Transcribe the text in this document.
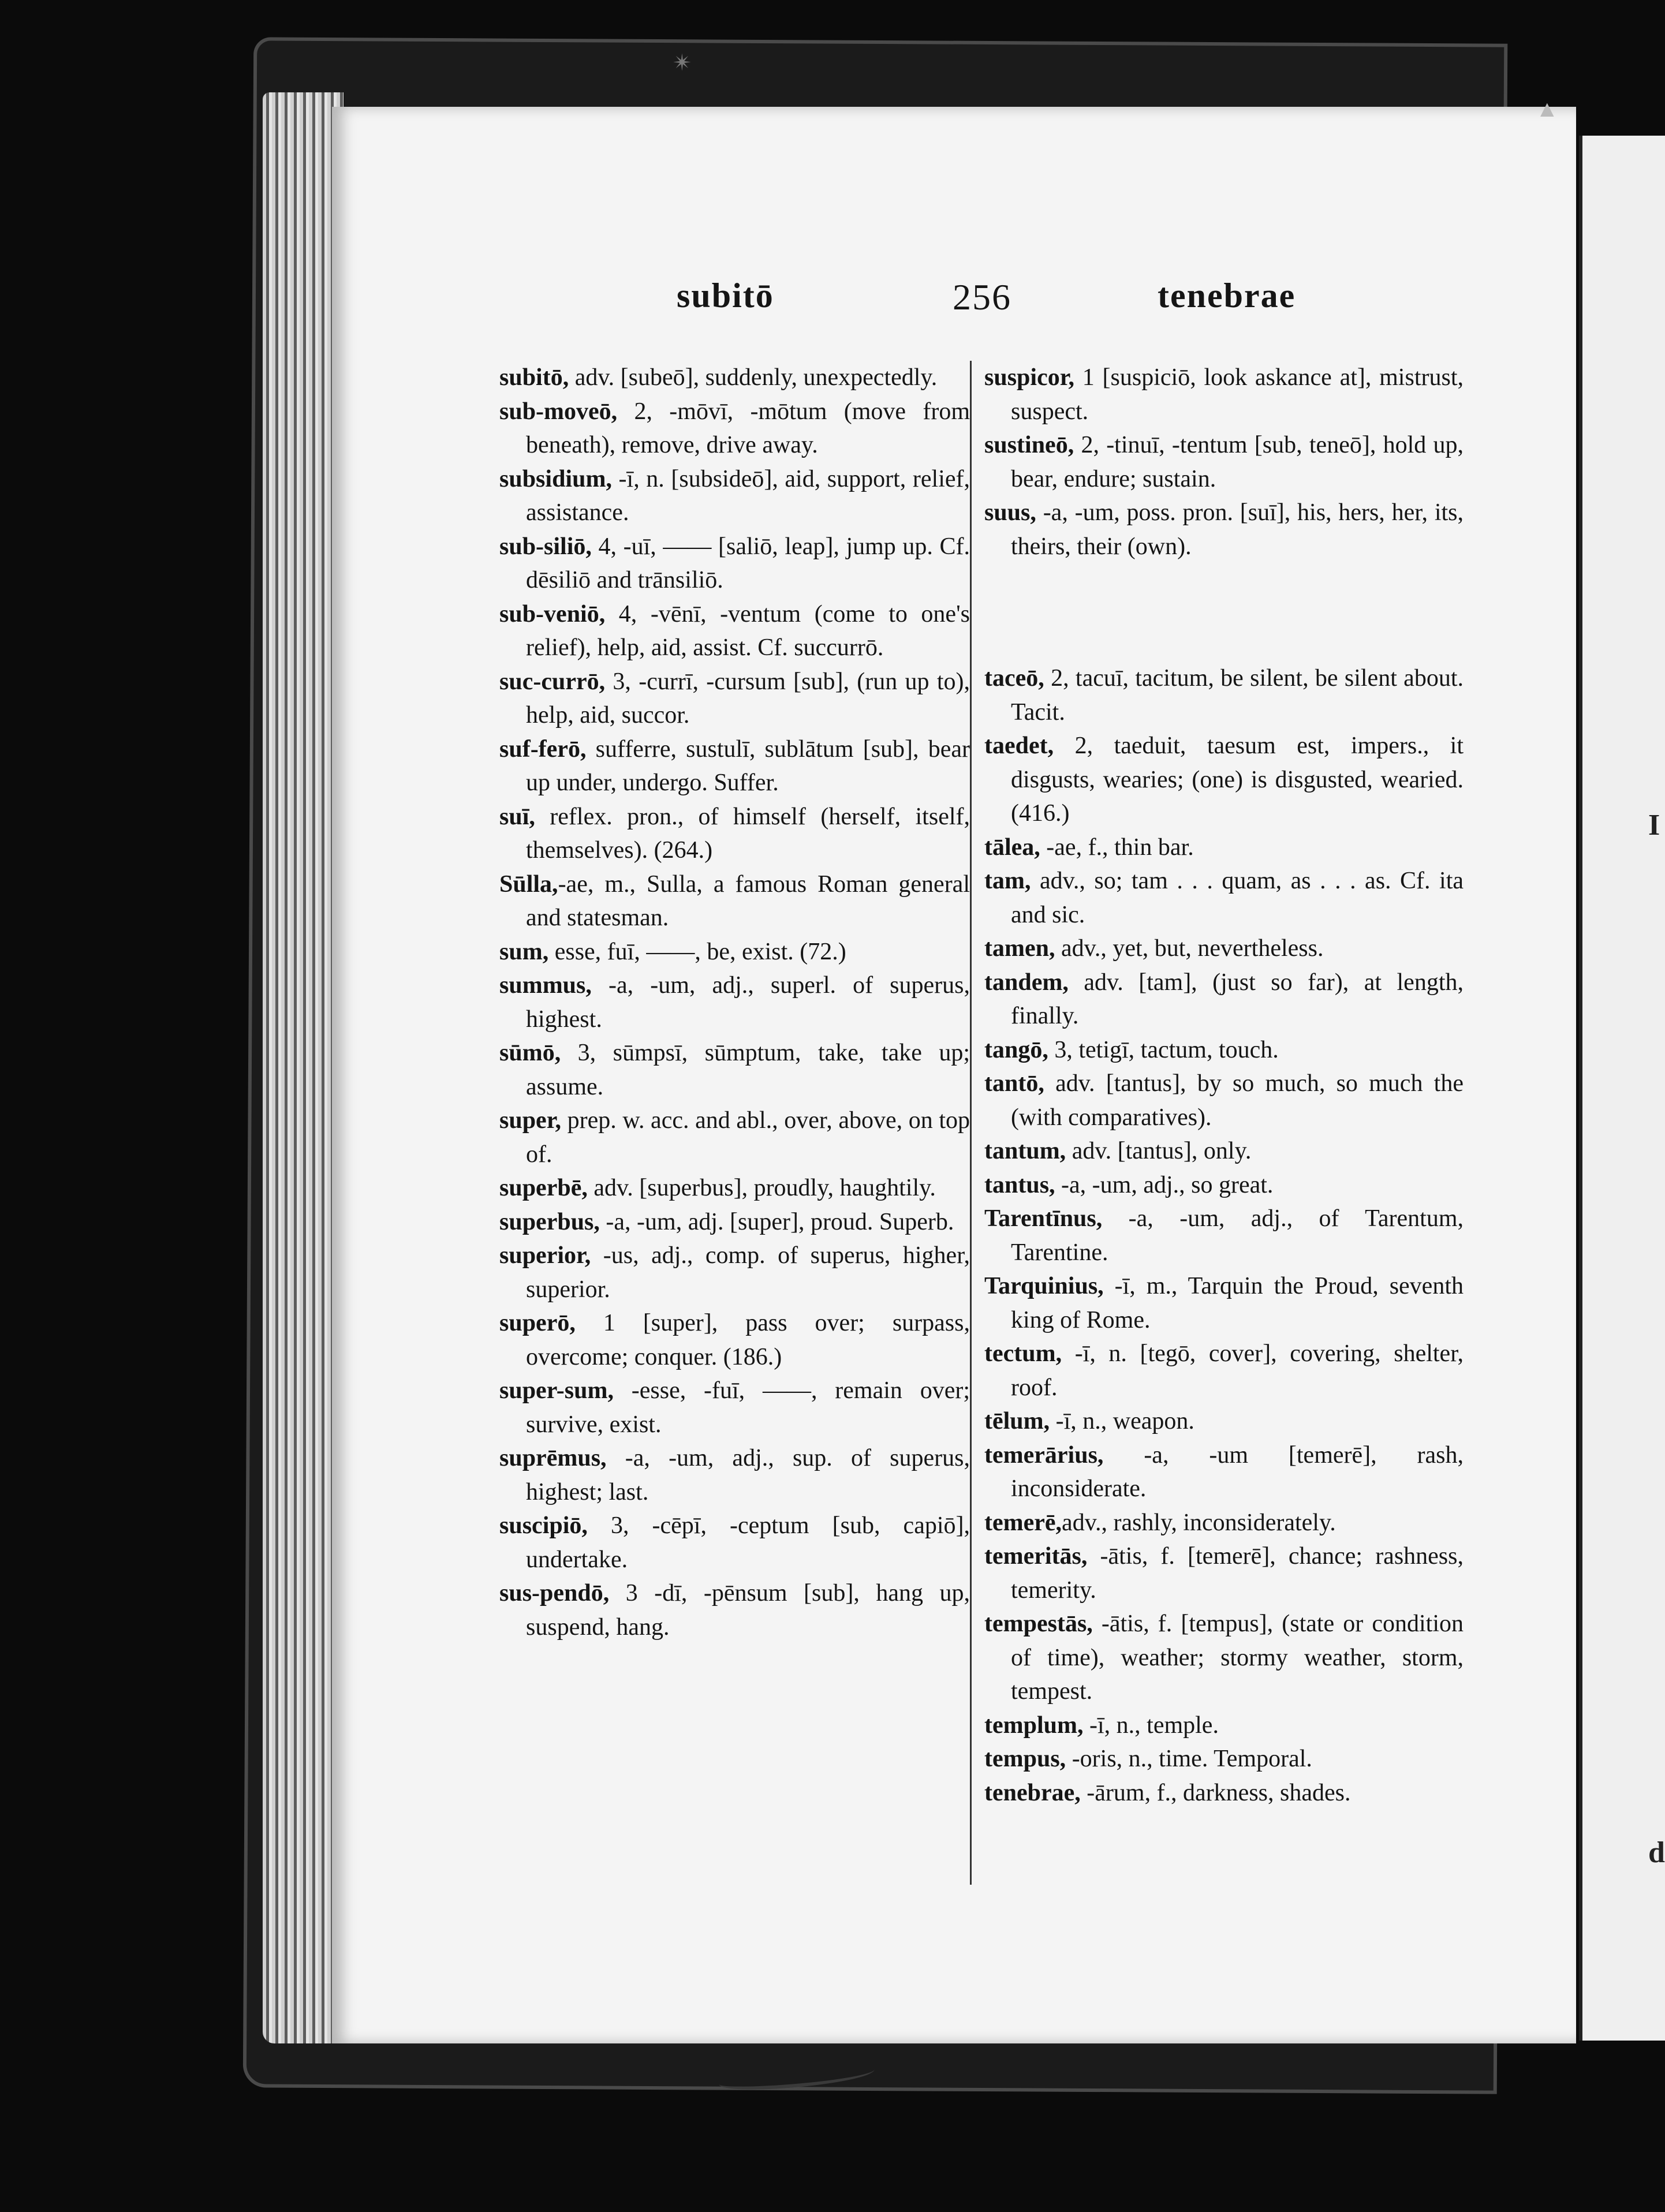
I
d
✴
▲
subitō	256	tenebrae
subitō, adv. [subeō], suddenly, unexpectedly.
sub-moveō, 2, -mōvī, -mōtum (move from beneath), remove, drive away.
subsidium, -ī, n. [subsideō], aid, support, relief, assistance.
sub-siliō, 4, -uī, —— [saliō, leap], jump up. Cf. dēsiliō and trānsiliō.
sub-veniō, 4, -vēnī, -ventum (come to one's relief), help, aid, assist. Cf. succurrō.
suc-currō, 3, -currī, -cursum [sub], (run up to), help, aid, succor.
suf-ferō, sufferre, sustulī, sublātum [sub], bear up under, undergo. Suffer.
suī, reflex. pron., of himself (herself, itself, themselves). (264.)
Sūlla,-ae, m., Sulla, a famous Roman general and statesman.
sum, esse, fuī, ——, be, exist. (72.)
summus, -a, -um, adj., superl. of superus, highest.
sūmō, 3, sūmpsī, sūmptum, take, take up; assume.
super, prep. w. acc. and abl., over, above, on top of.
superbē, adv. [superbus], proudly, haughtily.
superbus, -a, -um, adj. [super], proud. Superb.
superior, -us, adj., comp. of superus, higher, superior.
superō, 1 [super], pass over; surpass, overcome; conquer. (186.)
super-sum, -esse, -fuī, ——, remain over; survive, exist.
suprēmus, -a, -um, adj., sup. of superus, highest; last.
suscipiō, 3, -cēpī, -ceptum [sub, capiō], undertake.
sus-pendō, 3 -dī, -pēnsum [sub], hang up, suspend, hang.
suspicor, 1 [suspiciō, look askance at], mistrust, suspect.
sustineō, 2, -tinuī, -tentum [sub, teneō], hold up, bear, endure; sustain.
suus, -a, -um, poss. pron. [suī], his, hers, her, its, theirs, their (own).
taceō, 2, tacuī, tacitum, be silent, be silent about. Tacit.
taedet, 2, taeduit, taesum est, impers., it disgusts, wearies; (one) is disgusted, wearied. (416.)
tālea, -ae, f., thin bar.
tam, adv., so; tam . . . quam, as . . . as. Cf. ita and sic.
tamen, adv., yet, but, nevertheless.
tandem, adv. [tam], (just so far), at length, finally.
tangō, 3, tetigī, tactum, touch.
tantō, adv. [tantus], by so much, so much the (with comparatives).
tantum, adv. [tantus], only.
tantus, -a, -um, adj., so great.
Tarentīnus, -a, -um, adj., of Tarentum, Tarentine.
Tarquinius, -ī, m., Tarquin the Proud, seventh king of Rome.
tectum, -ī, n. [tegō, cover], covering, shelter, roof.
tēlum, -ī, n., weapon.
temerārius, -a, -um [temerē], rash, inconsiderate.
temerē,adv., rashly, inconsiderately.
temeritās, -ātis, f. [temerē], chance; rashness, temerity.
tempestās, -ātis, f. [tempus], (state or condition of time), weather; stormy weather, storm, tempest.
templum, -ī, n., temple.
tempus, -oris, n., time. Temporal.
tenebrae, -ārum, f., darkness, shades.
